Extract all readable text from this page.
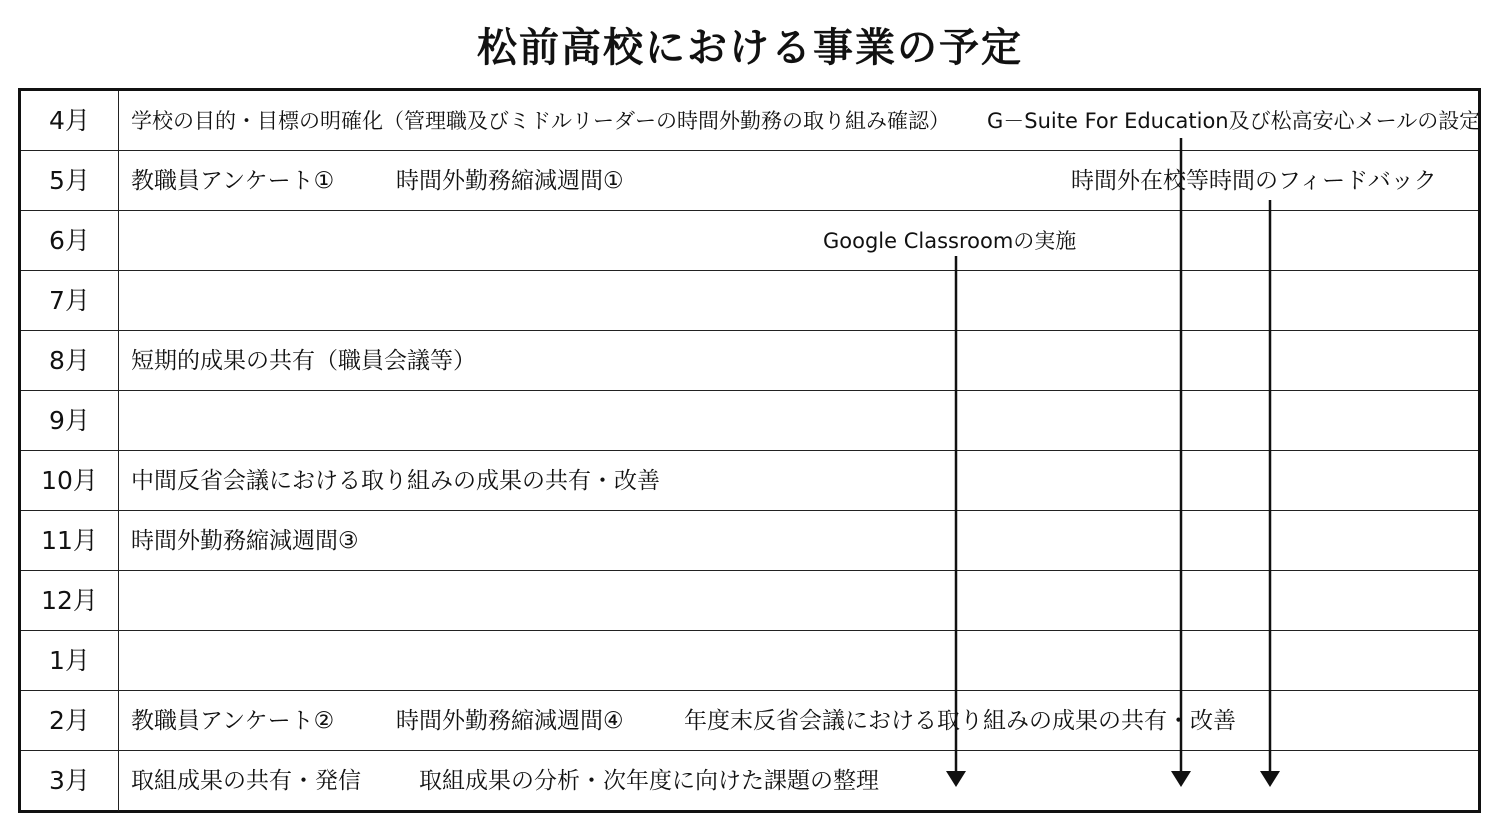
松前高校における事業の予定
4月	学校の目的・目標の明確化（管理職及びミドルリーダーの時間外勤務の取り組み確認） G－Suite For Education及び松高安心メールの設定
5月	教職員アンケート①	時間外勤務縮減週間①	時間外在校等時間のフィードバック
6月	Google Classroomの実施
7月
8月	短期的成果の共有（職員会議等）
9月
10月	中間反省会議における取り組みの成果の共有・改善
11月	時間外勤務縮減週間③
12月
1月
2月	教職員アンケート②	時間外勤務縮減週間④	年度末反省会議における取り組みの成果の共有・改善
3月	取組成果の共有・発信	取組成果の分析・次年度に向けた課題の整理
